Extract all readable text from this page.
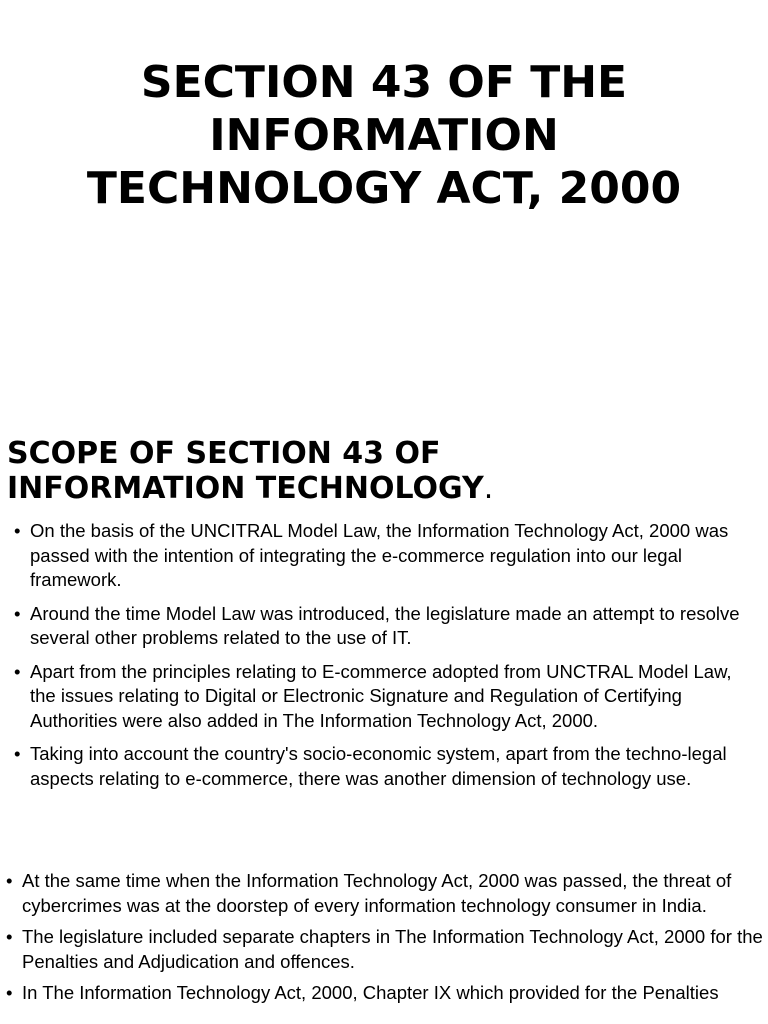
SECTION 43 OF THE
INFORMATION
TECHNOLOGY ACT, 2000
SCOPE OF SECTION 43 OF
INFORMATION TECHNOLOGY.
• On the basis of the UNCITRAL Model Law, the Information Technology Act, 2000 was passed with the intention of integrating the e-commerce regulation into our legal framework.
• Around the time Model Law was introduced, the legislature made an attempt to resolve several other problems related to the use of IT.
• Apart from the principles relating to E-commerce adopted from UNCTRAL Model Law, the issues relating to Digital or Electronic Signature and Regulation of Certifying Authorities were also added in The Information Technology Act, 2000.
• Taking into account the country's socio-economic system, apart from the techno-legal aspects relating to e-commerce, there was another dimension of technology use.
• At the same time when the Information Technology Act, 2000 was passed, the threat of cybercrimes was at the doorstep of every information technology consumer in India.
• The legislature included separate chapters in The Information Technology Act, 2000 for the Penalties and Adjudication and offences.
• In The Information Technology Act, 2000, Chapter IX which provided for the Penalties
